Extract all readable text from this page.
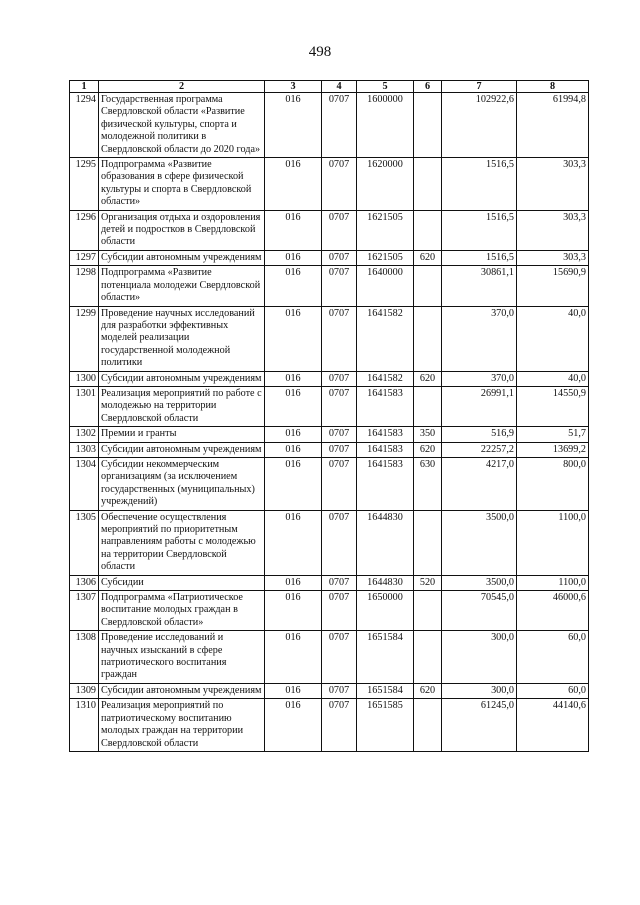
498
1	2	3	4	5	6	7	8
1294	Государственная программа Свердловской области «Развитие физической культуры, спорта и молодежной политики в Свердловской области до 2020 года»	016	0707	1600000		102922,6	61994,8
1295	Подпрограмма «Развитие образования в сфере физической культуры и спорта в Свердловской области»	016	0707	1620000		1516,5	303,3
1296	Организация отдыха и оздоровления детей и подростков в Свердловской области	016	0707	1621505		1516,5	303,3
1297	Субсидии автономным учреждениям	016	0707	1621505	620	1516,5	303,3
1298	Подпрограмма «Развитие потенциала молодежи Свердловской области»	016	0707	1640000		30861,1	15690,9
1299	Проведение научных исследований для разработки эффективных моделей реализации государственной молодежной политики	016	0707	1641582		370,0	40,0
1300	Субсидии автономным учреждениям	016	0707	1641582	620	370,0	40,0
1301	Реализация мероприятий по работе с молодежью на территории Свердловской области	016	0707	1641583		26991,1	14550,9
1302	Премии и гранты	016	0707	1641583	350	516,9	51,7
1303	Субсидии автономным учреждениям	016	0707	1641583	620	22257,2	13699,2
1304	Субсидии некоммерческим организациям (за исключением государственных (муниципальных) учреждений)	016	0707	1641583	630	4217,0	800,0
1305	Обеспечение осуществления мероприятий по приоритетным направлениям работы с молодежью на территории Свердловской области	016	0707	1644830		3500,0	1100,0
1306	Субсидии	016	0707	1644830	520	3500,0	1100,0
1307	Подпрограмма «Патриотическое воспитание молодых граждан в Свердловской области»	016	0707	1650000		70545,0	46000,6
1308	Проведение исследований и научных изысканий в сфере патриотического воспитания граждан	016	0707	1651584		300,0	60,0
1309	Субсидии автономным учреждениям	016	0707	1651584	620	300,0	60,0
1310	Реализация мероприятий по патриотическому воспитанию молодых граждан на территории Свердловской области	016	0707	1651585		61245,0	44140,6
